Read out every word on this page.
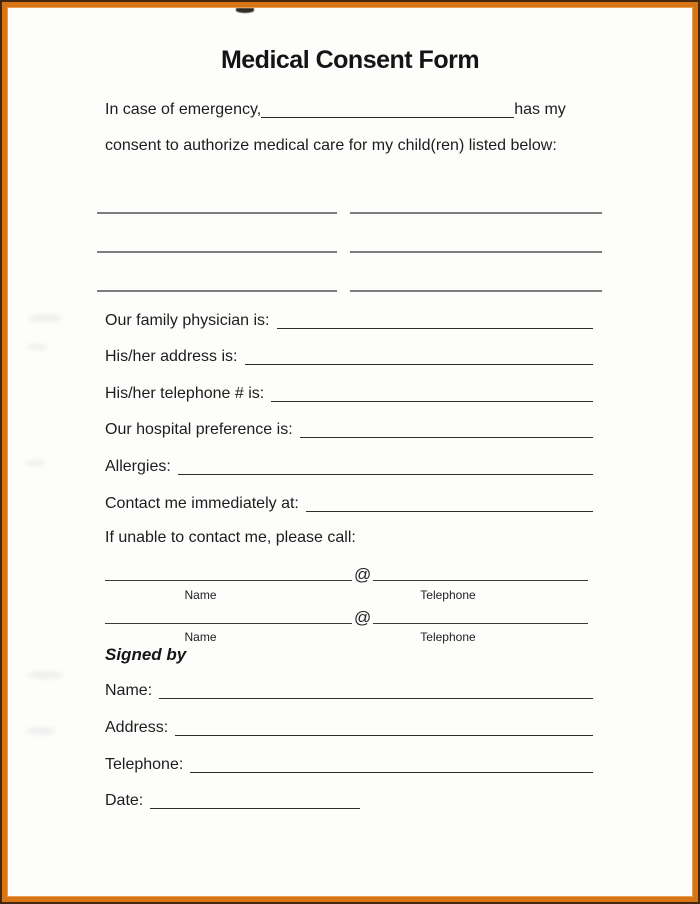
Medical Consent Form
In case of emergency,	has my
consent to authorize medical care for my child(ren) listed below:
Our family physician is:
His/her address is:
His/her telephone # is:
Our hospital preference is:
Allergies:
Contact me immediately at:
If unable to contact me, please call:
@
Name	Telephone
@
Name	Telephone
Signed by
Name:
Address:
Telephone:
Date:
